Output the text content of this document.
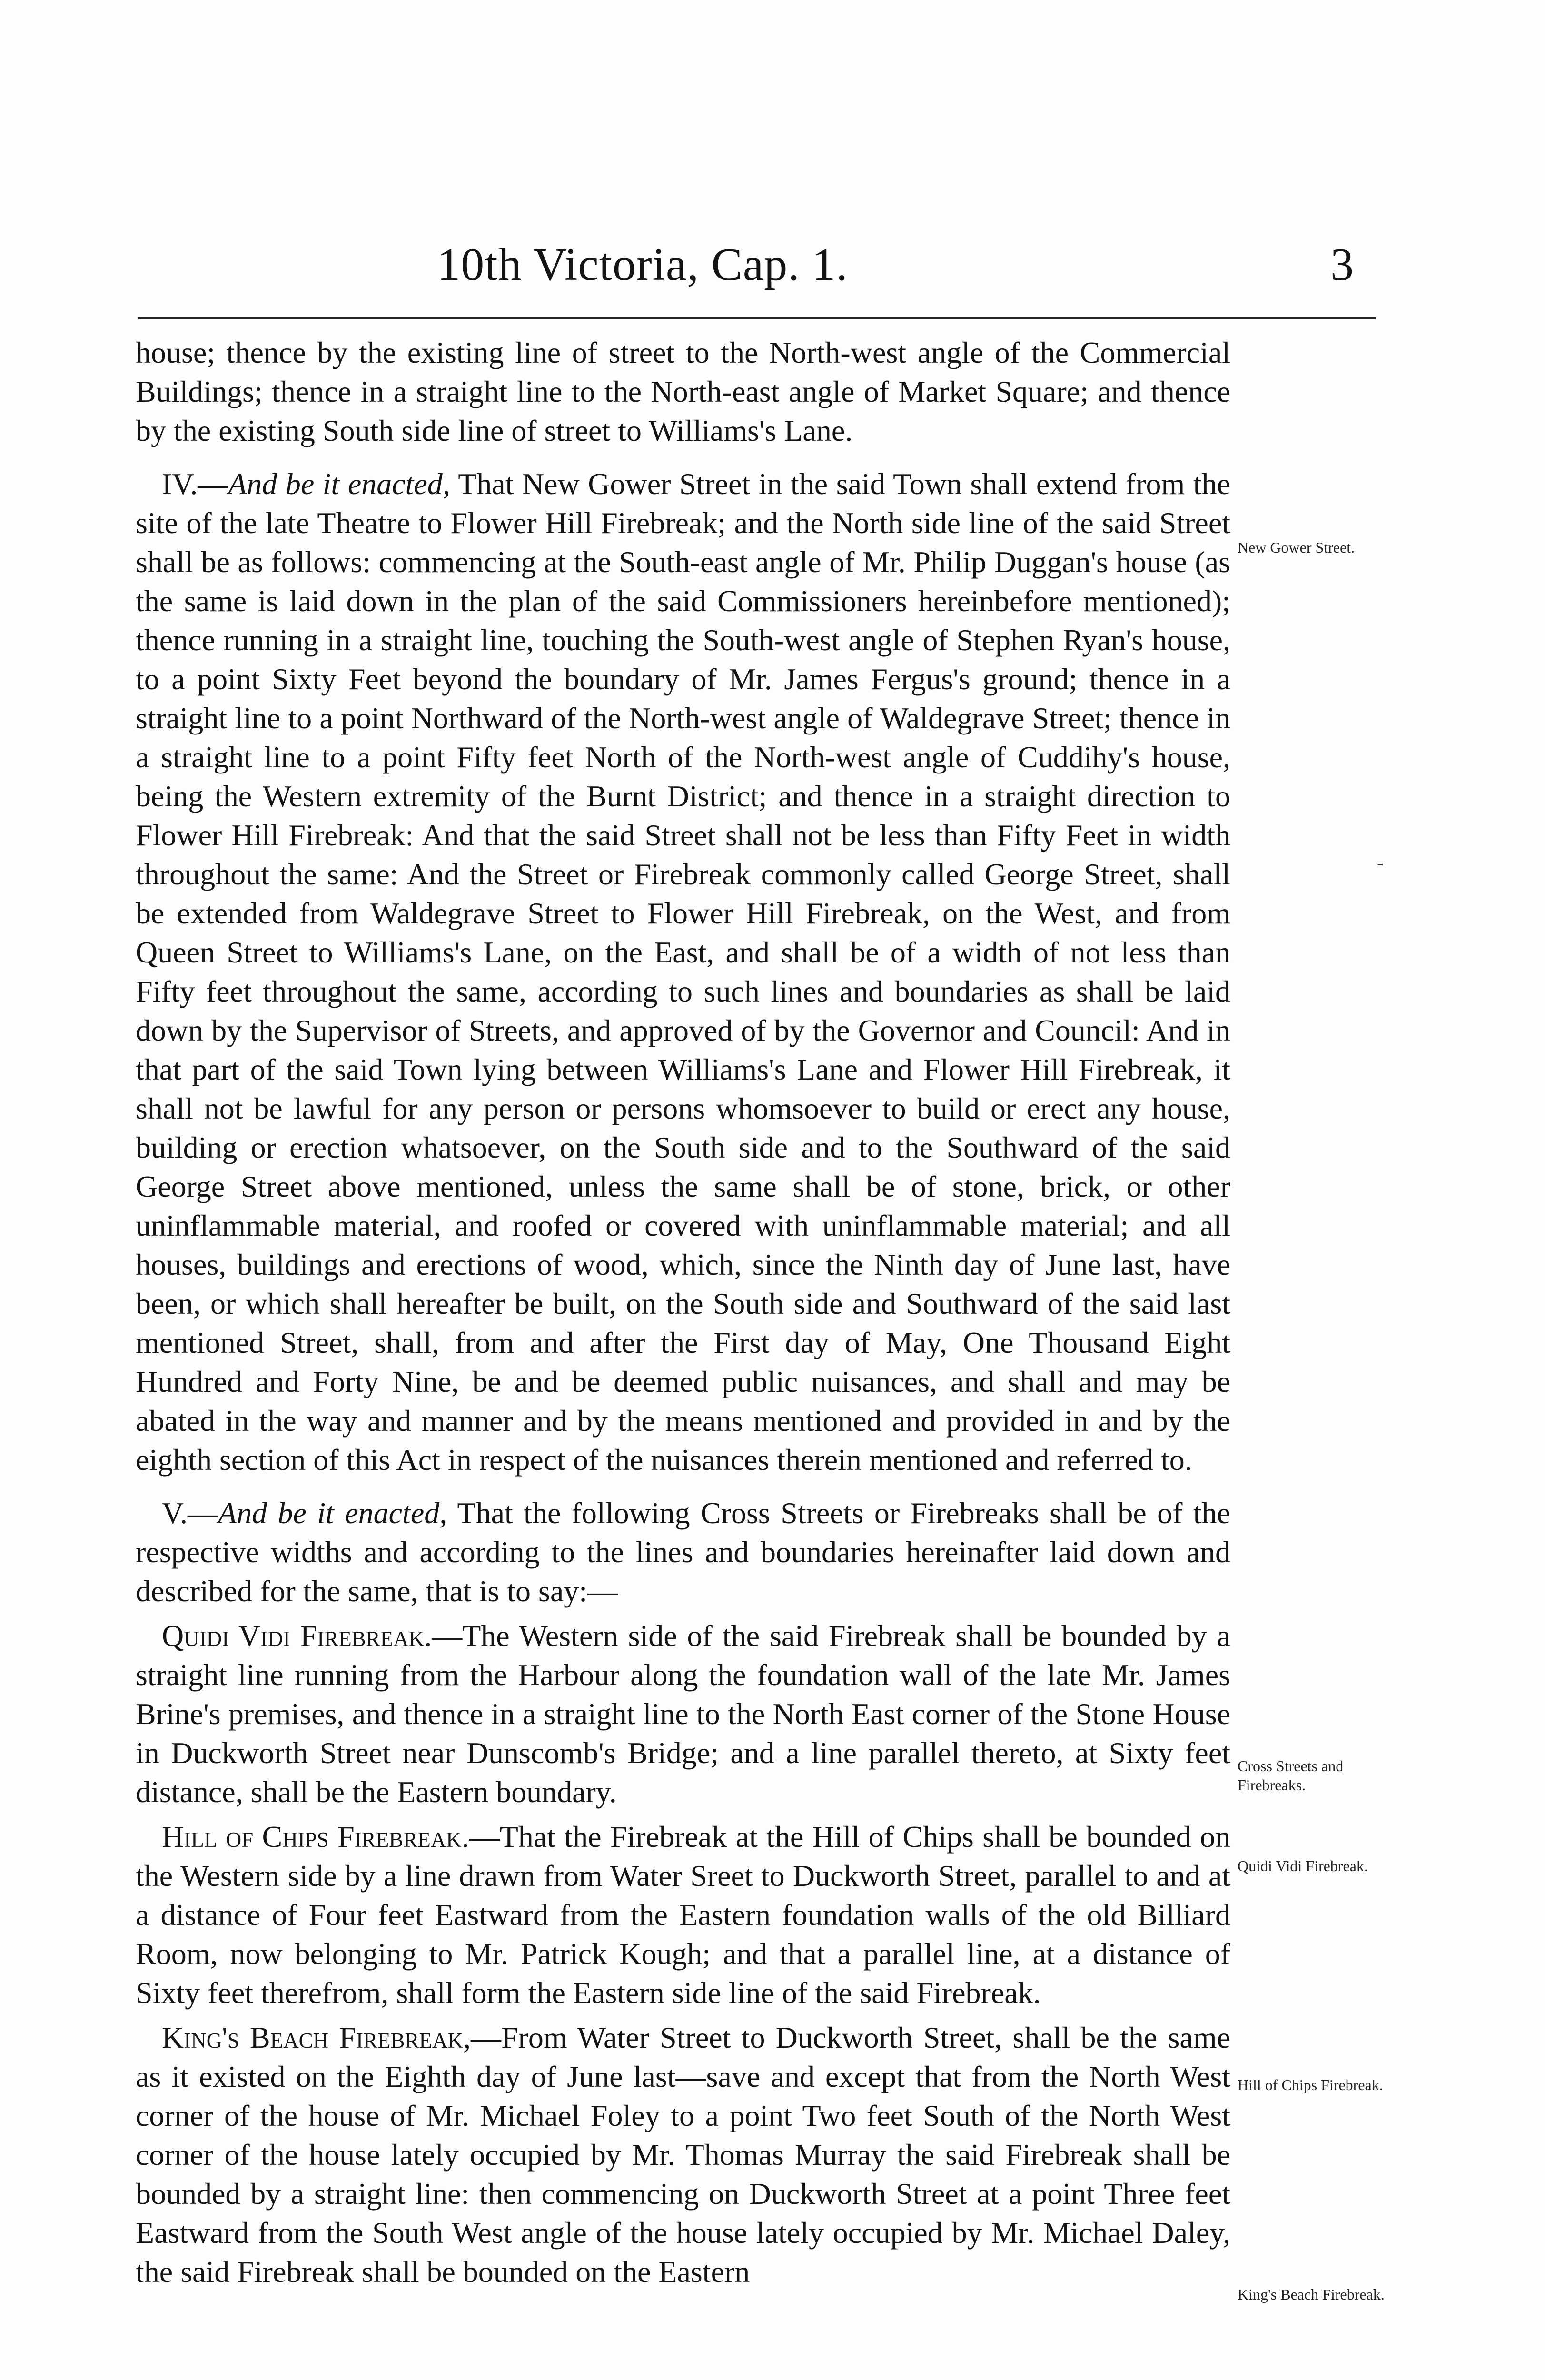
10th Victoria, Cap. 1.	3

house; thence by the existing line of street to the North-west angle of the Commercial Buildings; thence in a straight line to the North-east angle of Market Square; and thence by the existing South side line of street to Williams's Lane.

IV.—And be it enacted, That New Gower Street in the said Town shall extend from the site of the late Theatre to Flower Hill Firebreak; and the North side line of the said Street shall be as follows: commencing at the South-east angle of Mr. Philip Duggan's house (as the same is laid down in the plan of the said Commissioners hereinbefore mentioned); thence running in a straight line, touching the South-west angle of Stephen Ryan's house, to a point Sixty Feet beyond the boundary of Mr. James Fergus's ground; thence in a straight line to a point Northward of the North-west angle of Waldegrave Street; thence in a straight line to a point Fifty feet North of the North-west angle of Cuddihy's house, being the Western extremity of the Burnt District; and thence in a straight direction to Flower Hill Firebreak: And that the said Street shall not be less than Fifty Feet in width throughout the same: And the Street or Firebreak commonly called George Street, shall be extended from Waldegrave Street to Flower Hill Firebreak, on the West, and from Queen Street to Williams's Lane, on the East, and shall be of a width of not less than Fifty feet throughout the same, according to such lines and boundaries as shall be laid down by the Supervisor of Streets, and approved of by the Governor and Council: And in that part of the said Town lying between Williams's Lane and Flower Hill Firebreak, it shall not be lawful for any person or persons whomsoever to build or erect any house, building or erection whatsoever, on the South side and to the Southward of the said George Street above mentioned, unless the same shall be of stone, brick, or other uninflammable material, and roofed or covered with uninflammable material; and all houses, buildings and erections of wood, which, since the Ninth day of June last, have been, or which shall hereafter be built, on the South side and Southward of the said last mentioned Street, shall, from and after the First day of May, One Thousand Eight Hundred and Forty Nine, be and be deemed public nuisances, and shall and may be abated in the way and manner and by the means mentioned and provided in and by the eighth section of this Act in respect of the nuisances therein mentioned and referred to.

V.—And be it enacted, That the following Cross Streets or Firebreaks shall be of the respective widths and according to the lines and boundaries hereinafter laid down and described for the same, that is to say:—

Quidi Vidi Firebreak.—The Western side of the said Firebreak shall be bounded by a straight line running from the Harbour along the foundation wall of the late Mr. James Brine's premises, and thence in a straight line to the North East corner of the Stone House in Duckworth Street near Dunscomb's Bridge; and a line parallel thereto, at Sixty feet distance, shall be the Eastern boundary.

Hill of Chips Firebreak.—That the Firebreak at the Hill of Chips shall be bounded on the Western side by a line drawn from Water Sreet to Duckworth Street, parallel to and at a distance of Four feet Eastward from the Eastern foundation walls of the old Billiard Room, now belonging to Mr. Patrick Kough; and that a parallel line, at a distance of Sixty feet therefrom, shall form the Eastern side line of the said Firebreak.

King's Beach Firebreak,—From Water Street to Duckworth Street, shall be the same as it existed on the Eighth day of June last—save and except that from the North West corner of the house of Mr. Michael Foley to a point Two feet South of the North West corner of the house lately occupied by Mr. Thomas Murray the said Firebreak shall be bounded by a straight line: then commencing on Duckworth Street at a point Three feet Eastward from the South West angle of the house lately occupied by Mr. Michael Daley, the said Firebreak shall be bounded on the Eastern

New Gower Street.
Cross Streets and Firebreaks.
Quidi Vidi Firebreak.
Hill of Chips Firebreak.
King's Beach Firebreak.
-
